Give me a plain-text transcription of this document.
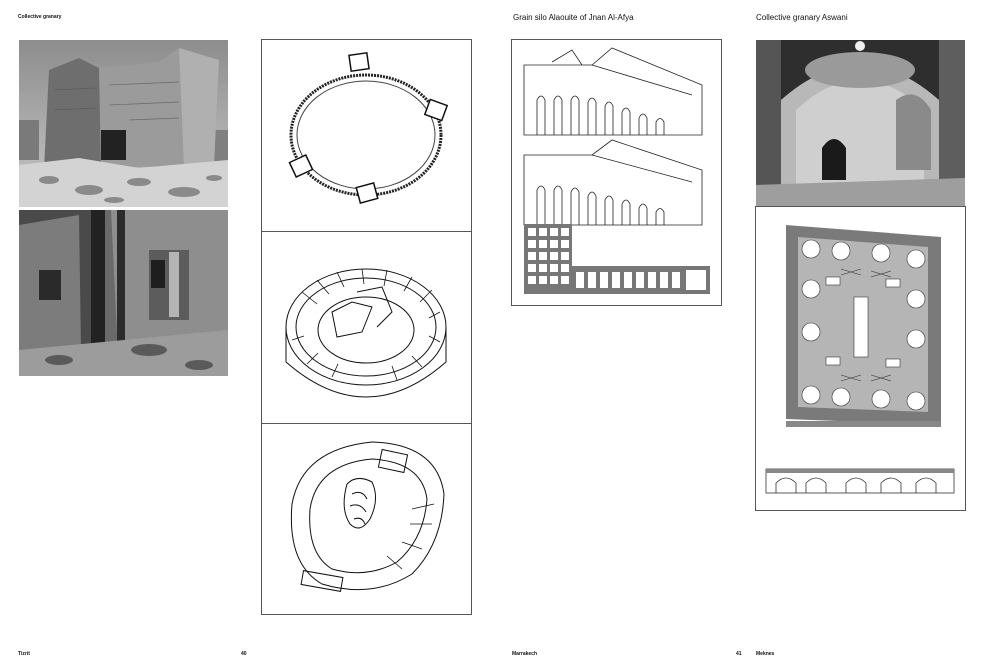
Collective granary	Grain silo Alaouite of Jnan Al-Afya	Collective granary Aswani
Tizrit	40	Marrakech	41	Meknes
